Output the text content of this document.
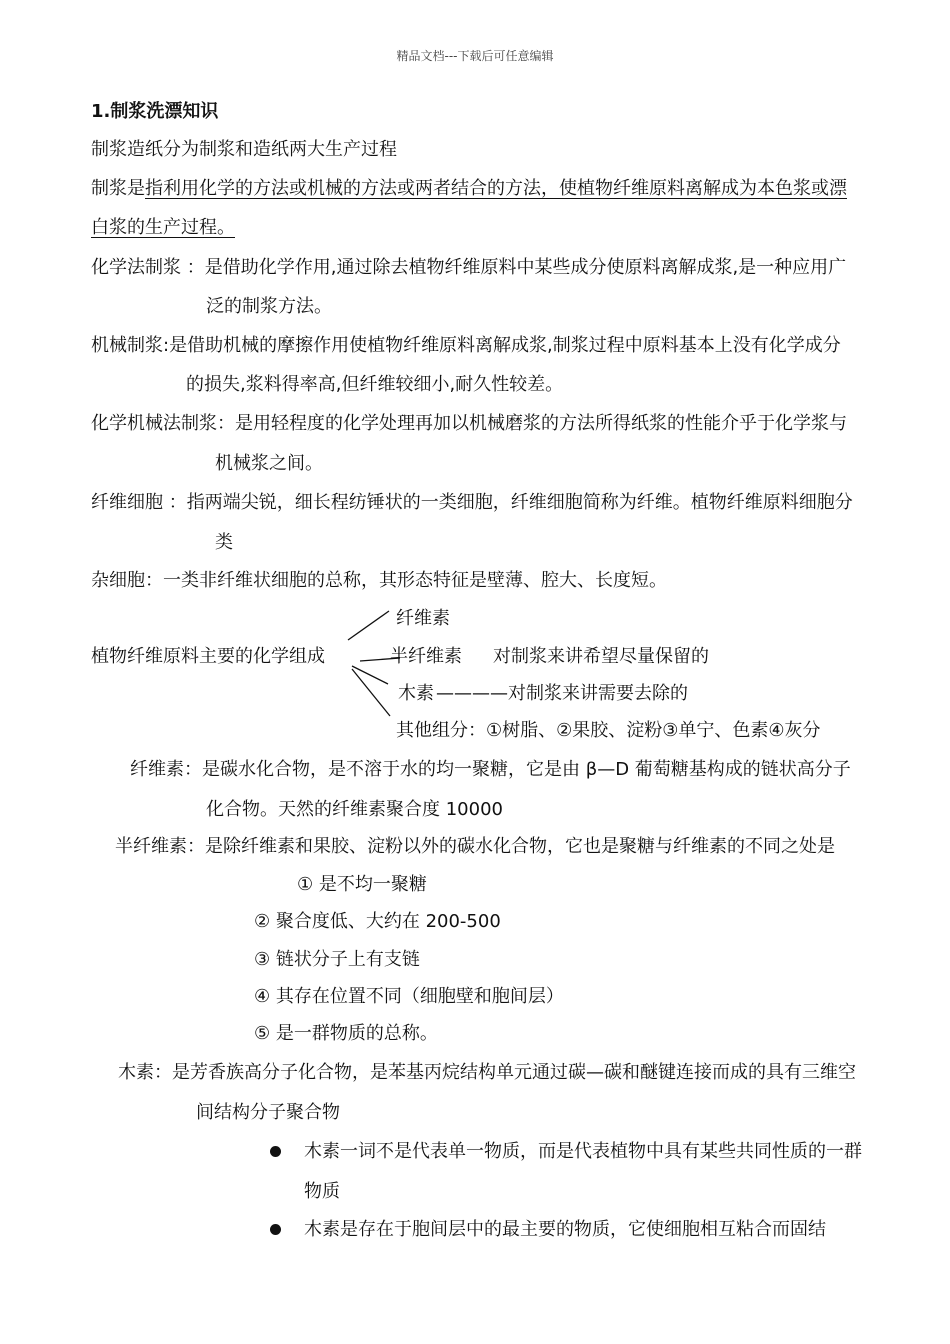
精品文档---下载后可任意编辑
1.制浆洗漂知识
制浆造纸分为制浆和造纸两大生产过程
制浆是指利用化学的方法或机械的方法或两者结合的方法，使植物纤维原料离解成为本色浆或漂
白浆的生产过程。
化学法制浆 ：是借助化学作用,通过除去植物纤维原料中某些成分使原料离解成浆,是一种应用广
泛的制浆方法。
机械制浆:是借助机械的摩擦作用使植物纤维原料离解成浆,制浆过程中原料基本上没有化学成分
的损失,浆料得率高,但纤维较细小,耐久性较差。
化学机械法制浆：是用轻程度的化学处理再加以机械磨浆的方法所得纸浆的性能介乎于化学浆与
机械浆之间。
纤维细胞 ：指两端尖锐，细长程纺锤状的一类细胞，纤维细胞简称为纤维。植物纤维原料细胞分
类
杂细胞：一类非纤维状细胞的总称，其形态特征是壁薄、腔大、长度短。
纤维素
植物纤维原料主要的化学组成	半纤维素 对制浆来讲希望尽量保留的
木素 ————对制浆来讲需要去除的
其他组分：①树脂、②果胶、淀粉③单宁、色素④灰分
纤维素：是碳水化合物，是不溶于水的均一聚糖，它是由 β—D 葡萄糖基构成的链状高分子
化合物。天然的纤维素聚合度 10000
半纤维素：是除纤维素和果胶、淀粉以外的碳水化合物，它也是聚糖与纤维素的不同之处是
① 是不均一聚糖
② 聚合度低、大约在 200-500
③ 链状分子上有支链
④ 其存在位置不同（细胞壁和胞间层）
⑤ 是一群物质的总称。
木素：是芳香族高分子化合物，是苯基丙烷结构单元通过碳—碳和醚键连接而成的具有三维空
间结构分子聚合物
木素一词不是代表单一物质，而是代表植物中具有某些共同性质的一群
物质
木素是存在于胞间层中的最主要的物质，它使细胞相互粘合而固结
